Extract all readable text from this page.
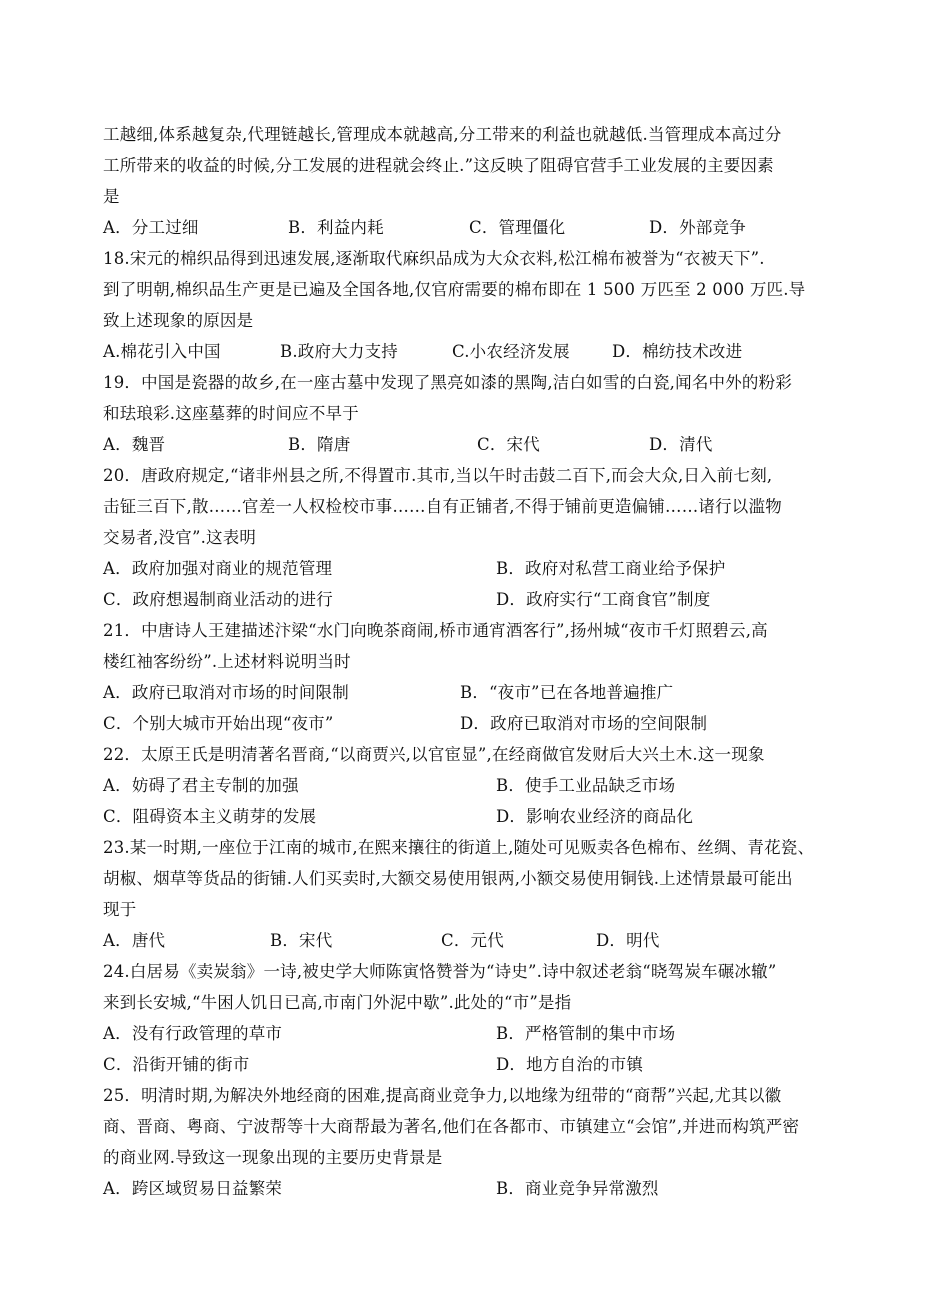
工越细,体系越复杂,代理链越长,管理成本就越高,分工带来的利益也就越低.当管理成本高过分
工所带来的收益的时候,分工发展的进程就会终止.”这反映了阻碍官营手工业发展的主要因素
是
A．分工过细	B．利益内耗	C．管理僵化	D．外部竞争
18.宋元的棉织品得到迅速发展,逐渐取代麻织品成为大众衣料,松江棉布被誉为“衣被天下”.
到了明朝,棉织品生产更是已遍及全国各地,仅官府需要的棉布即在 1 500 万匹至 2 000 万匹.导
致上述现象的原因是
A.棉花引入中国	B.政府大力支持	C.小农经济发展	D．棉纺技术改进
19．中国是瓷器的故乡,在一座古墓中发现了黑亮如漆的黑陶,洁白如雪的白瓷,闻名中外的粉彩
和珐琅彩.这座墓葬的时间应不早于
A．魏晋	B．隋唐	C．宋代	D．清代
20．唐政府规定,“诸非州县之所,不得置市.其市,当以午时击鼓二百下,而会大众,日入前七刻,
击钲三百下,散……官差一人权检校市事……自有正铺者,不得于铺前更造偏铺……诸行以滥物
交易者,没官”.这表明
A．政府加强对商业的规范管理	B．政府对私营工商业给予保护
C．政府想遏制商业活动的进行	D．政府实行“工商食官”制度
21．中唐诗人王建描述汴梁“水门向晚茶商闹,桥市通宵酒客行”,扬州城“夜市千灯照碧云,高
楼红袖客纷纷”.上述材料说明当时
A．政府已取消对市场的时间限制	B．“夜市”已在各地普遍推广
C．个别大城市开始出现“夜市”	D．政府已取消对市场的空间限制
22．太原王氏是明清著名晋商,“以商贾兴,以官宦显”,在经商做官发财后大兴土木.这一现象
A．妨碍了君主专制的加强	B．使手工业品缺乏市场
C．阻碍资本主义萌芽的发展	D．影响农业经济的商品化
23.某一时期,一座位于江南的城市,在熙来攘往的街道上,随处可见贩卖各色棉布、丝绸、青花瓷、
胡椒、烟草等货品的街铺.人们买卖时,大额交易使用银两,小额交易使用铜钱.上述情景最可能出
现于
A．唐代	B．宋代	C．元代	D．明代
24.白居易《卖炭翁》一诗,被史学大师陈寅恪赞誉为“诗史”.诗中叙述老翁“晓驾炭车碾冰辙”
来到长安城,“牛困人饥日已高,市南门外泥中歇”.此处的“市”是指
A．没有行政管理的草市	B．严格管制的集中市场
C．沿街开铺的街市	D．地方自治的市镇
25．明清时期,为解决外地经商的困难,提高商业竞争力,以地缘为纽带的“商帮”兴起,尤其以徽
商、晋商、粤商、宁波帮等十大商帮最为著名,他们在各都市、市镇建立“会馆”,并进而构筑严密
的商业网.导致这一现象出现的主要历史背景是
A．跨区域贸易日益繁荣	B．商业竞争异常激烈
